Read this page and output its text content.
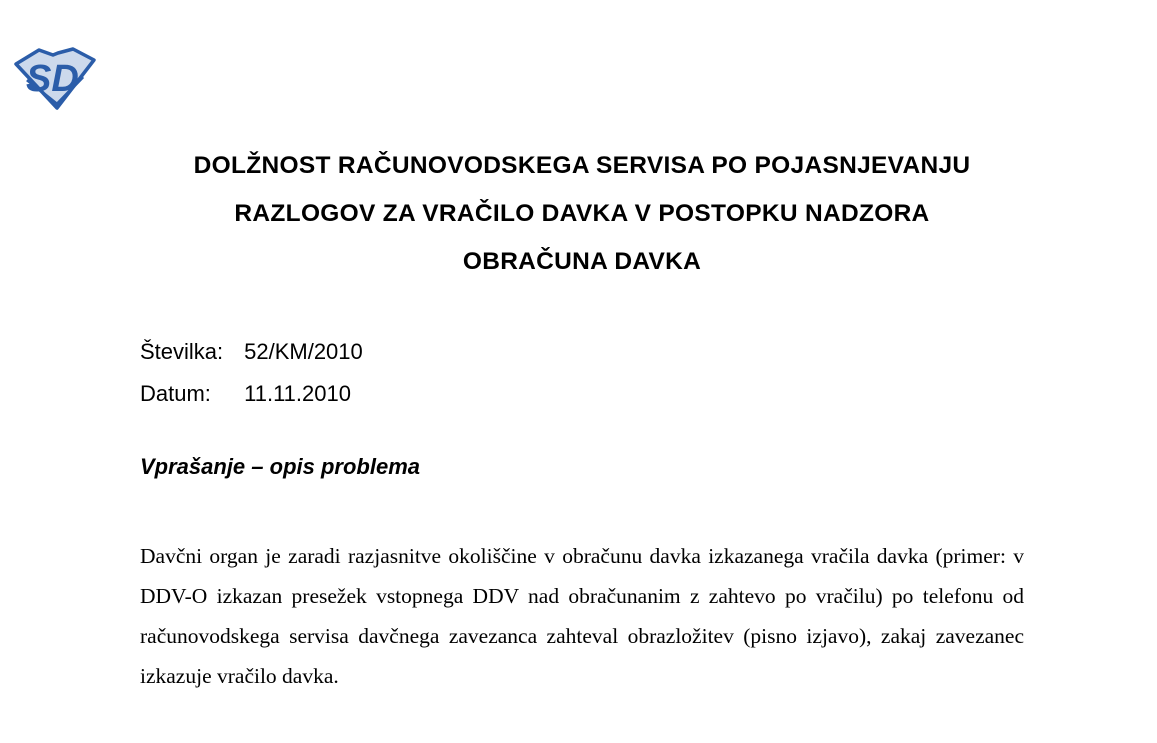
SD
DOLŽNOST RAČUNOVODSKEGA SERVISA PO POJASNJEVANJU
RAZLOGOV ZA VRAČILO DAVKA V POSTOPKU NADZORA
OBRAČUNA DAVKA
Številka: 52/KM/2010
Datum: 11.11.2010
Vprašanje – opis problema

Davčni organ je zaradi razjasnitve okoliščine v obračunu davka izkazanega vračila davka (primer: v DDV-O izkazan presežek vstopnega DDV nad obračunanim z zahtevo po vračilu) po telefonu od računovodskega servisa davčnega zavezanca zahteval obrazložitev (pisno izjavo), zakaj zavezanec izkazuje vračilo davka.
